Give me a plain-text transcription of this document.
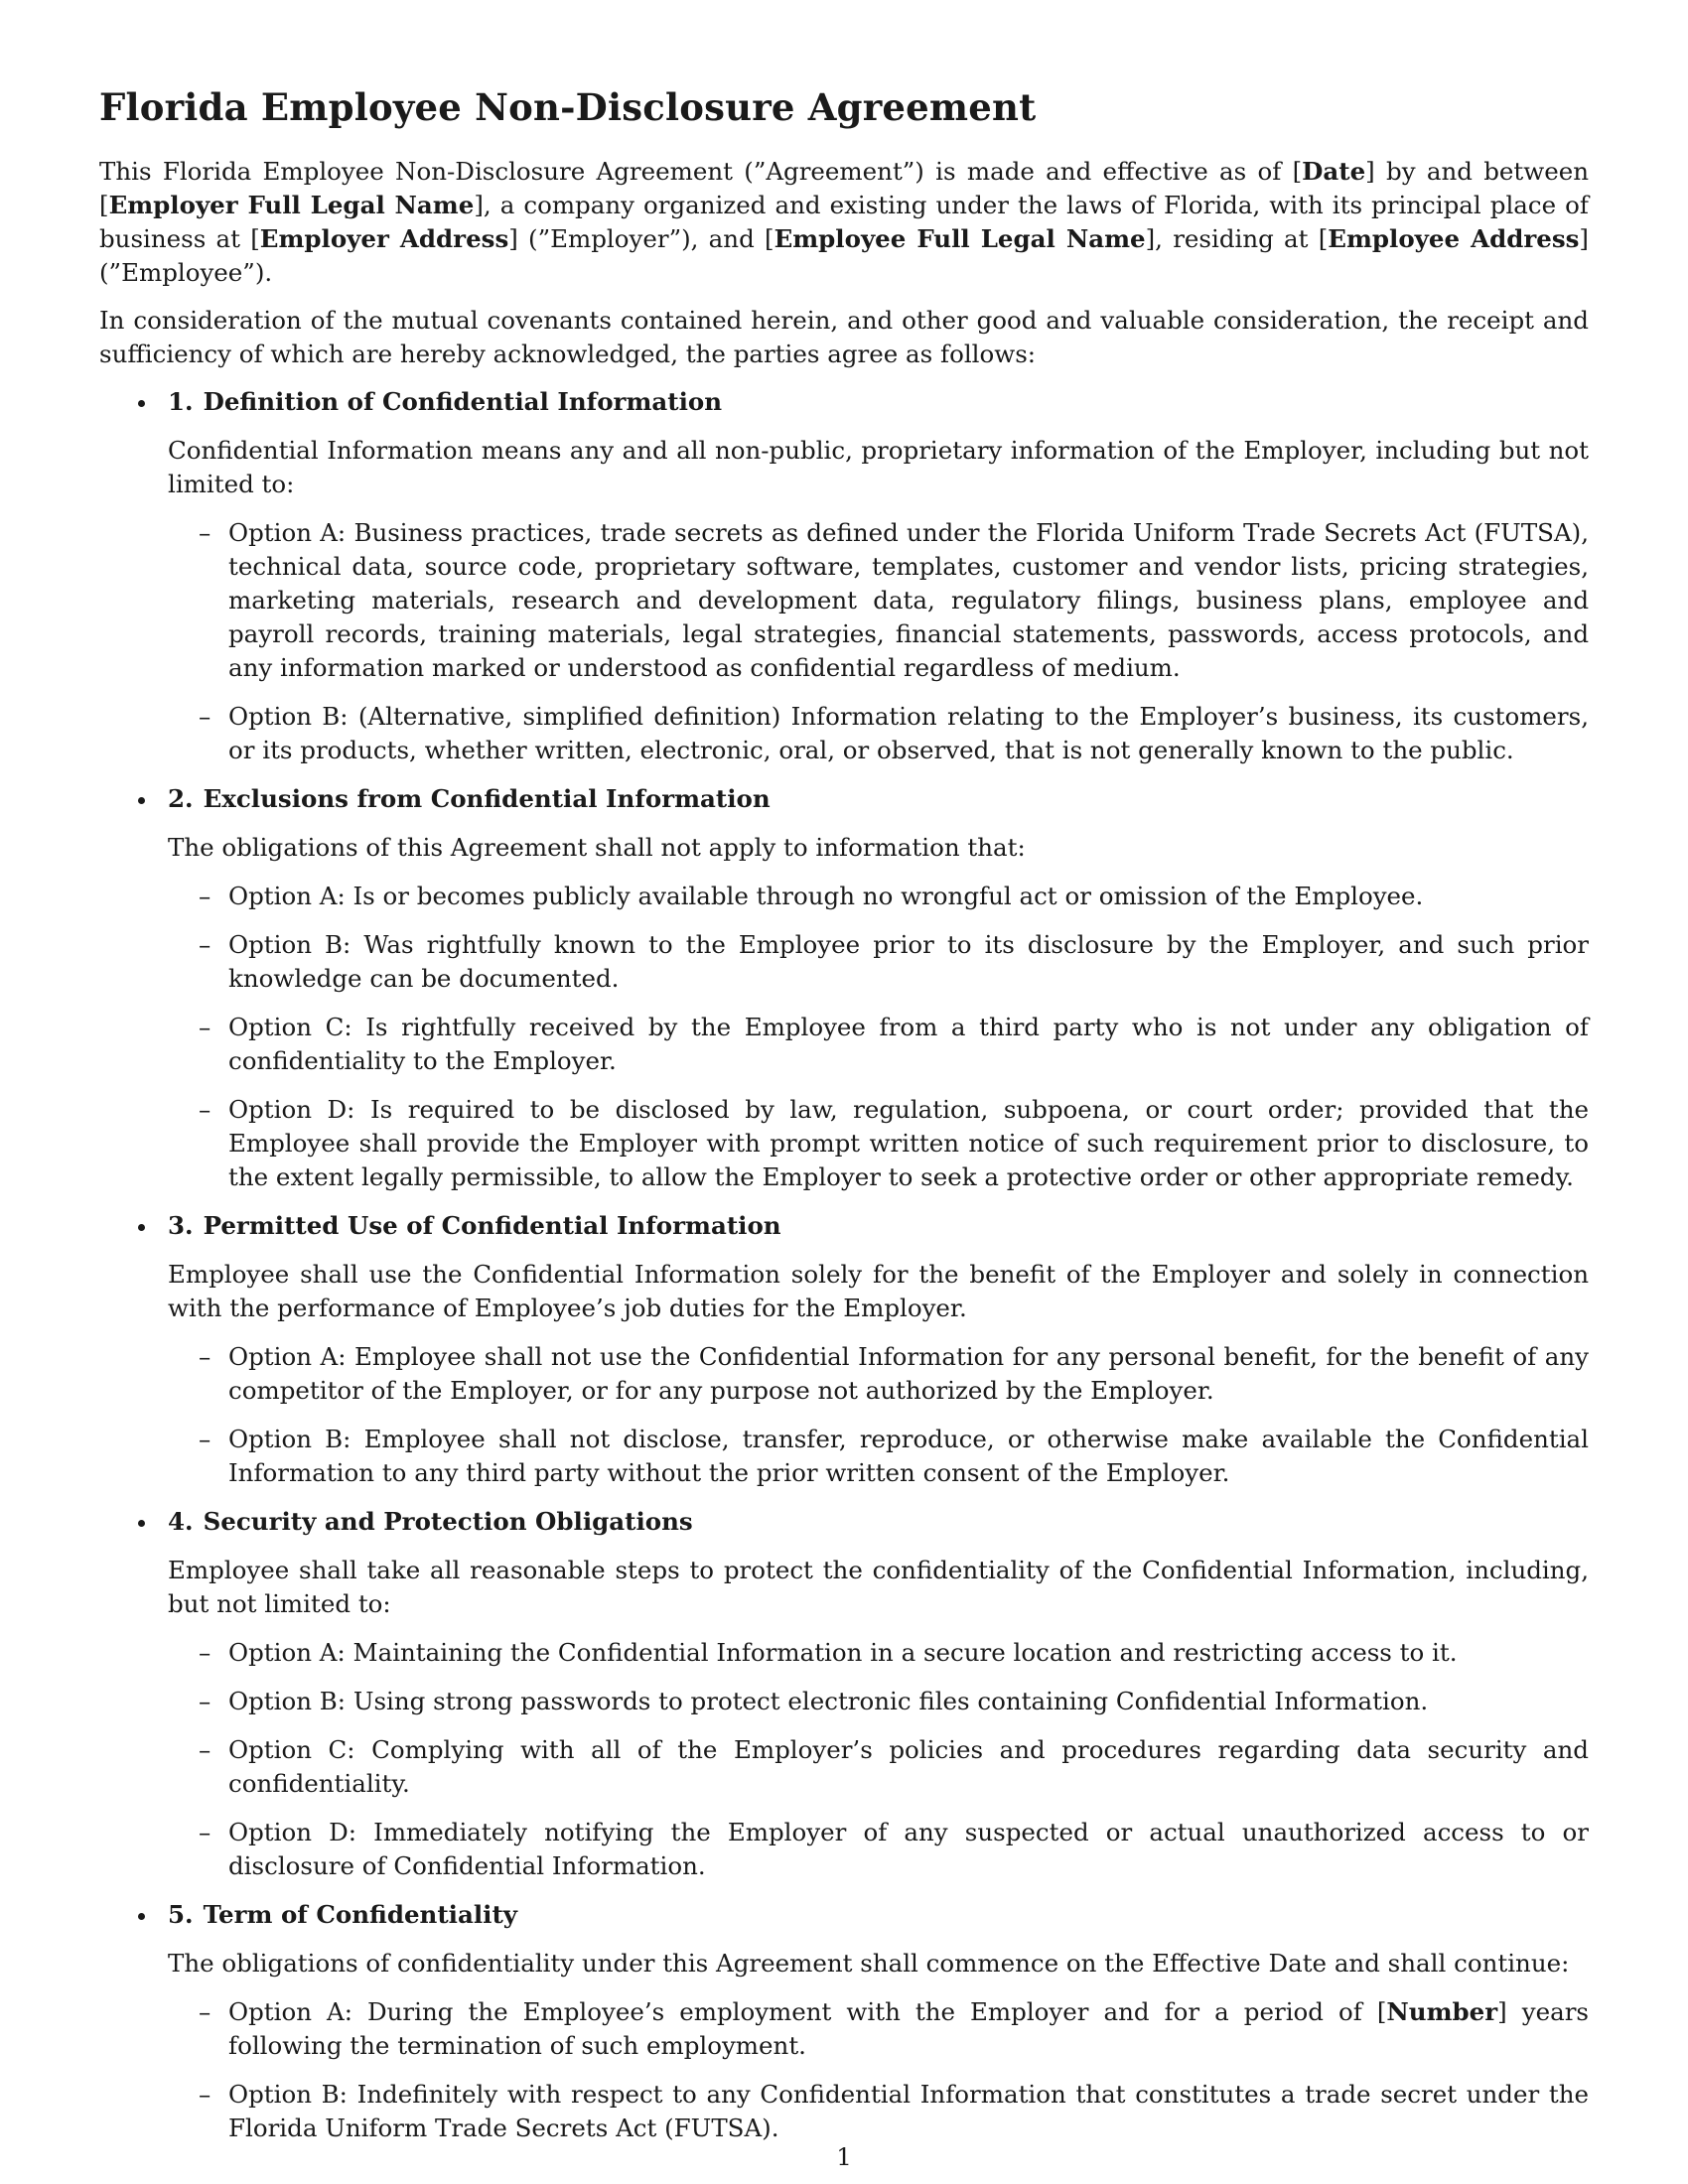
Florida Employee Non-Disclosure Agreement

This Florida Employee Non-Disclosure Agreement (”Agreement”) is made and effective as of [Date] by and between [Employer Full Legal Name], a company organized and existing under the laws of Florida, with its principal place of business at [Employer Address] (”Employer”), and [Employee Full Legal Name], residing at [Employee Address] (”Employee”).

In consideration of the mutual covenants contained herein, and other good and valuable consideration, the receipt and sufficiency of which are hereby acknowledged, the parties agree as follows:

1. Definition of Confidential Information

Confidential Information means any and all non-public, proprietary information of the Employer, including but not limited to:

– Option A: Business practices, trade secrets as defined under the Florida Uniform Trade Secrets Act (FUTSA), technical data, source code, proprietary software, templates, customer and vendor lists, pricing strategies, marketing materials, research and development data, regulatory filings, business plans, employee and payroll records, training materials, legal strategies, financial statements, passwords, access protocols, and any information marked or understood as confidential regardless of medium.

– Option B: (Alternative, simplified definition) Information relating to the Employer’s business, its customers, or its products, whether written, electronic, oral, or observed, that is not generally known to the public.

2. Exclusions from Confidential Information

The obligations of this Agreement shall not apply to information that:

– Option A: Is or becomes publicly available through no wrongful act or omission of the Employee.

– Option B: Was rightfully known to the Employee prior to its disclosure by the Employer, and such prior knowledge can be documented.

– Option C: Is rightfully received by the Employee from a third party who is not under any obligation of confidentiality to the Employer.

– Option D: Is required to be disclosed by law, regulation, subpoena, or court order; provided that the Employee shall provide the Employer with prompt written notice of such requirement prior to disclosure, to the extent legally permissible, to allow the Employer to seek a protective order or other appropriate remedy.

3. Permitted Use of Confidential Information

Employee shall use the Confidential Information solely for the benefit of the Employer and solely in connection with the performance of Employee’s job duties for the Employer.

– Option A: Employee shall not use the Confidential Information for any personal benefit, for the benefit of any competitor of the Employer, or for any purpose not authorized by the Employer.

– Option B: Employee shall not disclose, transfer, reproduce, or otherwise make available the Confidential Information to any third party without the prior written consent of the Employer.

4. Security and Protection Obligations

Employee shall take all reasonable steps to protect the confidentiality of the Confidential Information, including, but not limited to:

– Option A: Maintaining the Confidential Information in a secure location and restricting access to it.

– Option B: Using strong passwords to protect electronic files containing Confidential Information.

– Option C: Complying with all of the Employer’s policies and procedures regarding data security and confidentiality.

– Option D: Immediately notifying the Employer of any suspected or actual unauthorized access to or disclosure of Confidential Information.

5. Term of Confidentiality

The obligations of confidentiality under this Agreement shall commence on the Effective Date and shall continue:

– Option A: During the Employee’s employment with the Employer and for a period of [Number] years following the termination of such employment.

– Option B: Indefinitely with respect to any Confidential Information that constitutes a trade secret under the Florida Uniform Trade Secrets Act (FUTSA).

1
